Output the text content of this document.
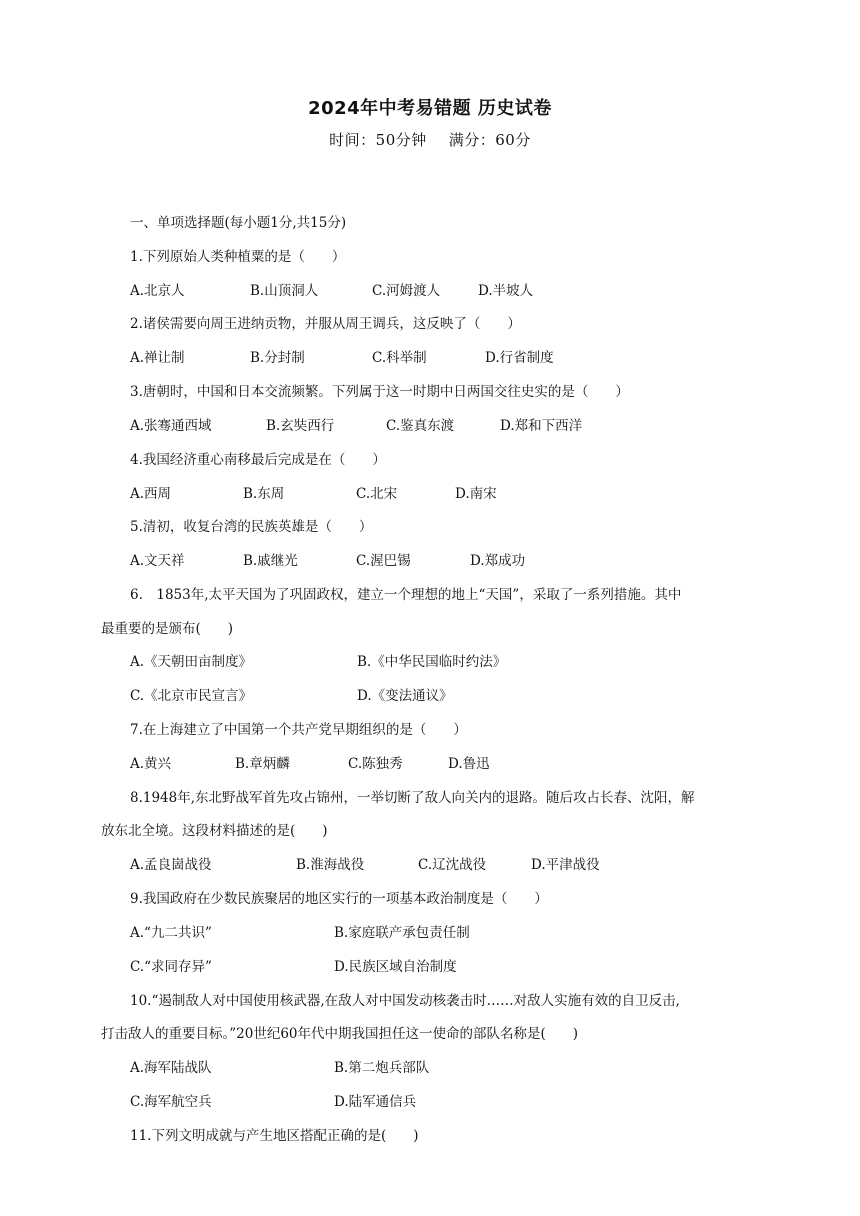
2024年中考易错题 历史试卷
时间：50分钟 满分：60分
一、单项选择题(每小题1分,共15分)
1.下列原始人类种植粟的是（　　）
A.北京人	B.山顶洞人	C.河姆渡人	D.半坡人
2.诸侯需要向周王进纳贡物，并服从周王调兵，这反映了（　　）
A.禅让制	B.分封制	C.科举制	D.行省制度
3.唐朝时，中国和日本交流频繁。下列属于这一时期中日两国交往史实的是（　　）
A.张骞通西域	B.玄奘西行	C.鉴真东渡	D.郑和下西洋
4.我国经济重心南移最后完成是在（　　）
A.西周	B.东周	C.北宋	D.南宋
5.清初，收复台湾的民族英雄是（　　）
A.文天祥	B.戚继光	C.渥巴锡	D.郑成功
6.　1853年,太平天国为了巩固政权，建立一个理想的地上“天国”，采取了一系列措施。其中
最重要的是颁布(　　)
A.《天朝田亩制度》	B.《中华民国临时约法》
C.《北京市民宣言》	D.《变法通议》
7.在上海建立了中国第一个共产党早期组织的是（　　）
A.黄兴	B.章炳麟	C.陈独秀	D.鲁迅
8.1948年,东北野战军首先攻占锦州，一举切断了敌人向关内的退路。随后攻占长春、沈阳，解
放东北全境。这段材料描述的是(　　)
A.孟良崮战役	B.淮海战役	C.辽沈战役	D.平津战役
9.我国政府在少数民族聚居的地区实行的一项基本政治制度是（　　）
A.“九二共识”	B.家庭联产承包责任制
C.“求同存异”	D.民族区域自治制度
10.“遏制敌人对中国使用核武器,在敌人对中国发动核袭击时……对敌人实施有效的自卫反击,
打击敌人的重要目标。”20世纪60年代中期我国担任这一使命的部队名称是(　　)
A.海军陆战队	B.第二炮兵部队
C.海军航空兵	D.陆军通信兵
11.下列文明成就与产生地区搭配正确的是(　　)
